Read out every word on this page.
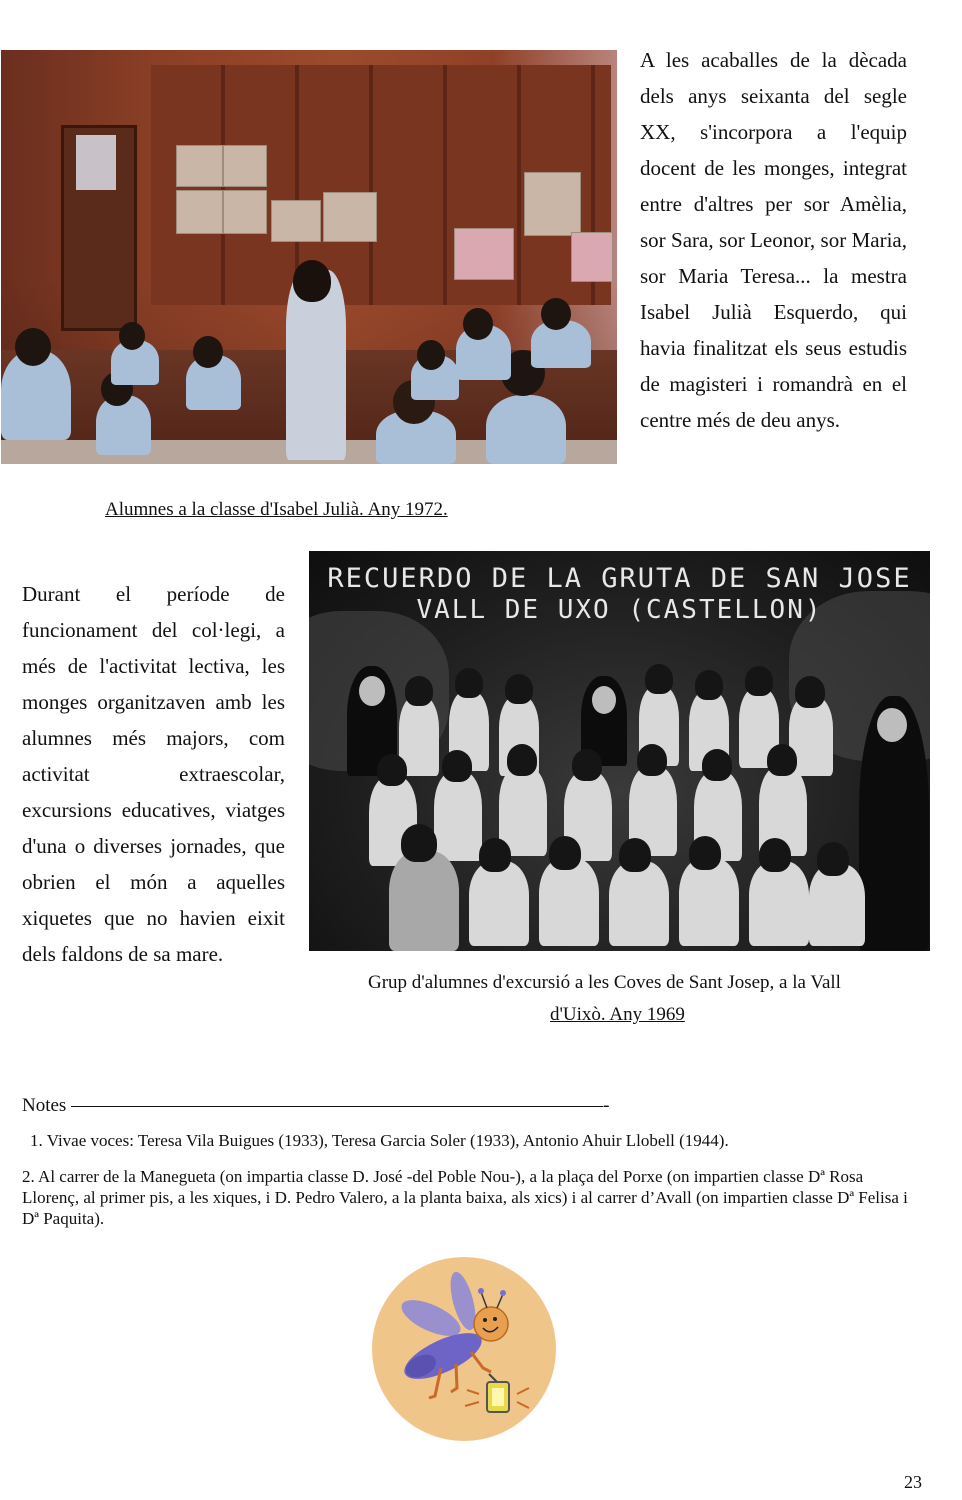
A les acaballes de la dècada dels anys seixanta del segle XX, s'incorpora a l'equip docent de les monges, integrat entre d'altres per sor Amèlia, sor Sara, sor Leonor, sor Maria, sor Maria Teresa... la mestra Isabel Julià Esquerdo, qui havia finalitzat els seus estudis de magisteri i romandrà en el centre més de deu anys.
Alumnes a la classe d'Isabel Julià. Any 1972.
Durant el període de funcionament del col·legi, a més de l'activitat lectiva, les monges organitzaven amb les alumnes més majors, com activitat extraescolar, excursions educatives, viatges d'una o diverses jornades, que obrien el món a aquelles xiquetes que no havien eixit dels faldons de sa mare.
RECUERDO DE LA GRUTA DE SAN JOSE
VALL DE UXO (CASTELLON)
Grup d'alumnes d'excursió a les Coves de Sant Josep, a la Vall
d'Uixò. Any 1969
Notes ————————————————————————————-
1. Vivae voces: Teresa Vila Buigues (1933), Teresa Garcia Soler (1933), Antonio Ahuir Llobell (1944).
2. Al carrer de la Manegueta (on impartia classe D. José -del Poble Nou-), a la plaça del Porxe (on impartien classe Dª Rosa Llorenç, al primer pis, a les xiques, i D. Pedro Valero, a la planta baixa, als xics) i al carrer d’Avall (on impartien classe Dª Felisa i Dª Paquita).
23
